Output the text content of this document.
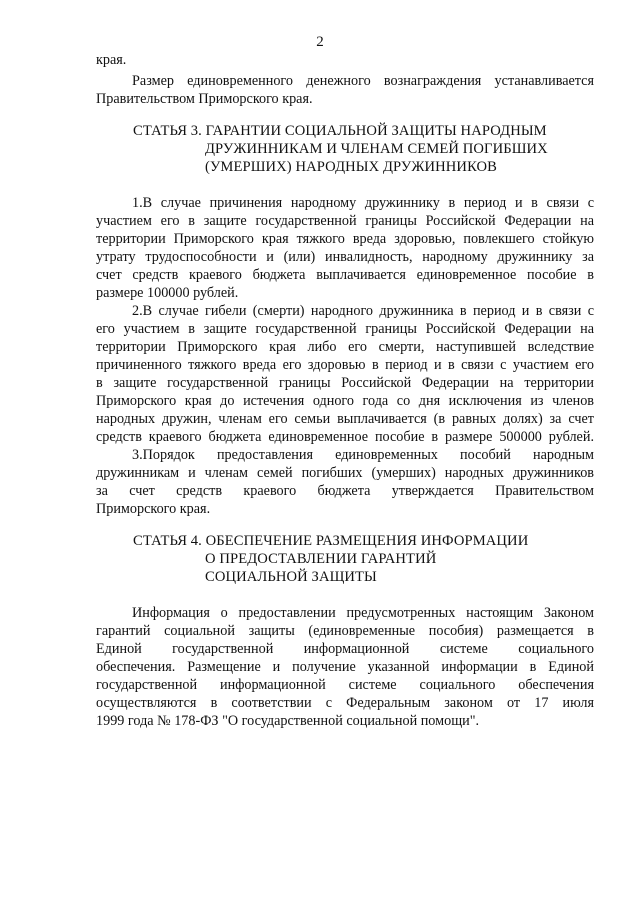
2
края.
Размер единовременного денежного вознаграждения устанавливается
Правительством Приморского края.
СТАТЬЯ 3. ГАРАНТИИ СОЦИАЛЬНОЙ ЗАЩИТЫ НАРОДНЫМ
ДРУЖИННИКАМ И ЧЛЕНАМ СЕМЕЙ ПОГИБШИХ
(УМЕРШИХ) НАРОДНЫХ ДРУЖИННИКОВ
1.В случае причинения народному дружиннику в период и в связи с
участием его в защите государственной границы Российской Федерации на
территории Приморского края тяжкого вреда здоровью, повлекшего стойкую
утрату трудоспособности и (или) инвалидность, народному дружиннику за
счет средств краевого бюджета выплачивается единовременное пособие в
размере 100000 рублей.
2.В случае гибели (смерти) народного дружинника в период и в связи с
его участием в защите государственной границы Российской Федерации на
территории Приморского края либо его смерти, наступившей вследствие
причиненного тяжкого вреда его здоровью в период и в связи с участием его
в защите государственной границы Российской Федерации на территории
Приморского края до истечения одного года со дня исключения из членов
народных дружин, членам его семьи выплачивается (в равных долях) за счет
средств краевого бюджета единовременное пособие в размере 500000 рублей.
3.Порядок предоставления единовременных пособий народным
дружинникам и членам семей погибших (умерших) народных дружинников
за счет средств краевого бюджета утверждается Правительством
Приморского края.
СТАТЬЯ 4. ОБЕСПЕЧЕНИЕ РАЗМЕЩЕНИЯ ИНФОРМАЦИИ
О ПРЕДОСТАВЛЕНИИ ГАРАНТИЙ
СОЦИАЛЬНОЙ ЗАЩИТЫ
Информация о предоставлении предусмотренных настоящим Законом
гарантий социальной защиты (единовременные пособия) размещается в
Единой государственной информационной системе социального
обеспечения. Размещение и получение указанной информации в Единой
государственной информационной системе социального обеспечения
осуществляются в соответствии с Федеральным законом от 17 июля
1999 года № 178-ФЗ "О государственной социальной помощи".
